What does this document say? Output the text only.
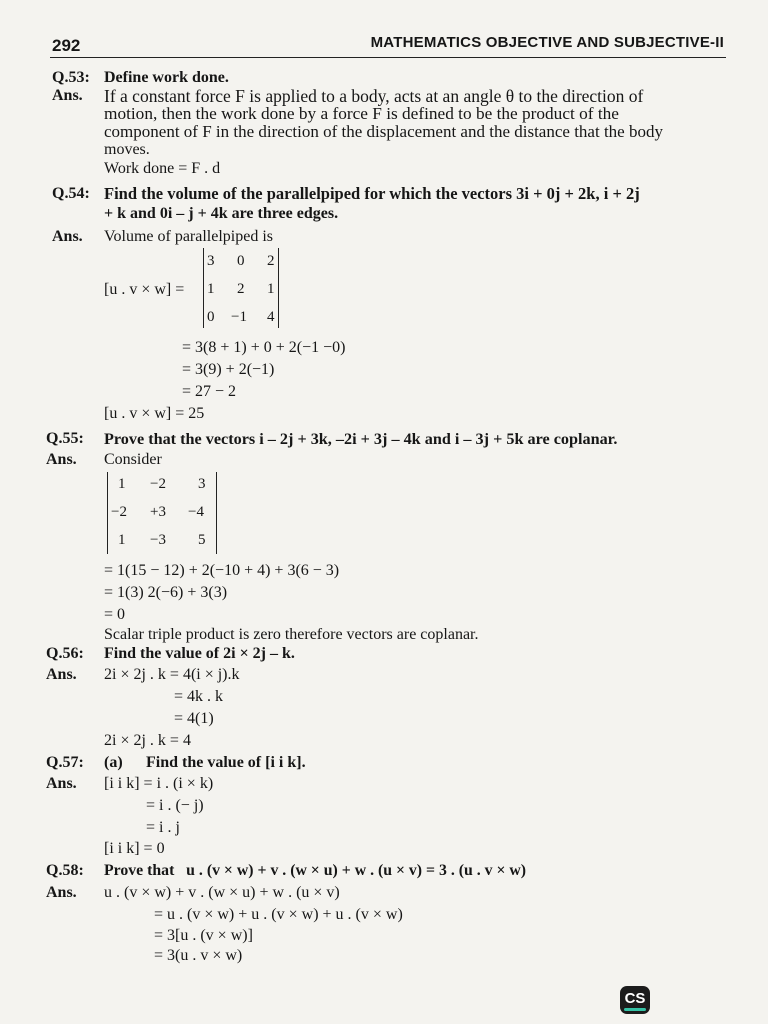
292	MATHEMATICS OBJECTIVE AND SUBJECTIVE-II
Q.53: Define work done.
Ans. If a constant force F is applied to a body, acts at an angle θ to the direction of
motion, then the work done by a force F is defined to be the product of the
component of F in the direction of the displacement and the distance that the body
moves.
Work done = F . d
Q.54: Find the volume of the parallelpiped for which the vectors 3i + 0j + 2k, i + 2j
+ k and 0i – j + 4k are three edges.
Ans. Volume of parallelpiped is
[u . v × w] =
3 0 2
1 2 1
0 −1 4
= 3(8 + 1) + 0 + 2(−1 −0)
= 3(9) + 2(−1)
= 27 − 2
[u . v × w] = 25
Q.55: Prove that the vectors i – 2j + 3k, –2i + 3j – 4k and i – 3j + 5k are coplanar.
Ans. Consider
1 −2 3
−2 +3 −4
1 −3 5
= 1(15 − 12) + 2(−10 + 4) + 3(6 − 3)
= 1(3) 2(−6) + 3(3)
= 0
Scalar triple product is zero therefore vectors are coplanar.
Q.56: Find the value of 2i × 2j – k.
Ans. 2i × 2j . k = 4(i × j).k
= 4k . k
= 4(1)
2i × 2j . k = 4
Q.57: (a) Find the value of [i i k].
Ans. [i i k] = i . (i × k)
= i . (− j)
= i . j
[i i k] = 0
Q.58: Prove that   u . (v × w) + v . (w × u) + w . (u × v) = 3 . (u . v × w)
Ans. u . (v × w) + v . (w × u) + w . (u × v)
= u . (v × w) + u . (v × w) + u . (v × w)
= 3[u . (v × w)]
= 3(u . v × w)
CS
